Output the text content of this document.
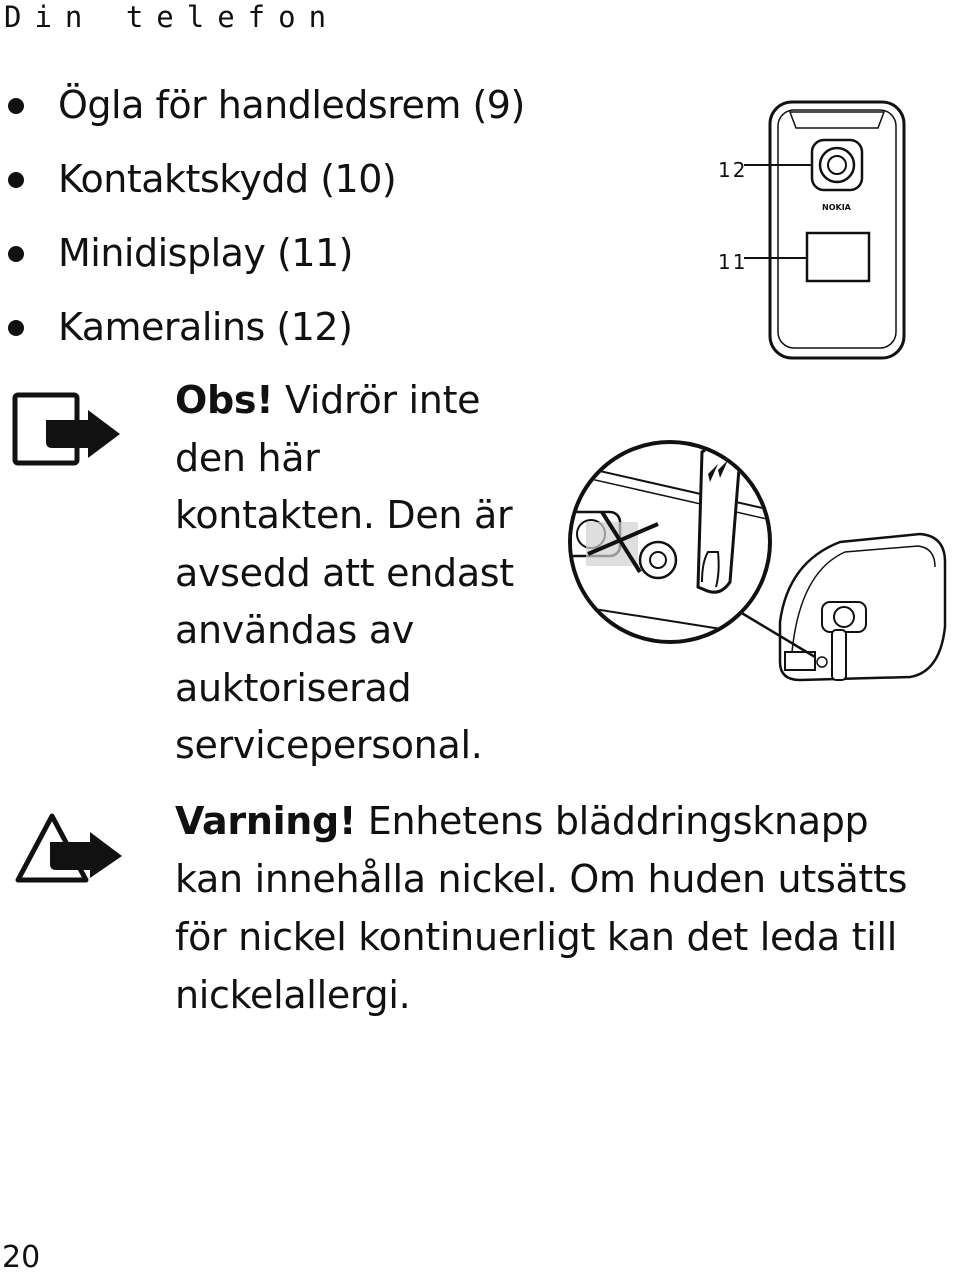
Din telefon
Ögla för handledsrem (9)
Kontaktskydd (10)
Minidisplay (11)
Kameralins (12)
NOKIA
12
11
Obs! Vidrör inte den här kontakten. Den är avsedd att endast användas av auktoriserad servicepersonal.
Varning! Enhetens bläddringsknapp kan innehålla nickel. Om huden utsätts för nickel kontinuerligt kan det leda till nickelallergi.
20
